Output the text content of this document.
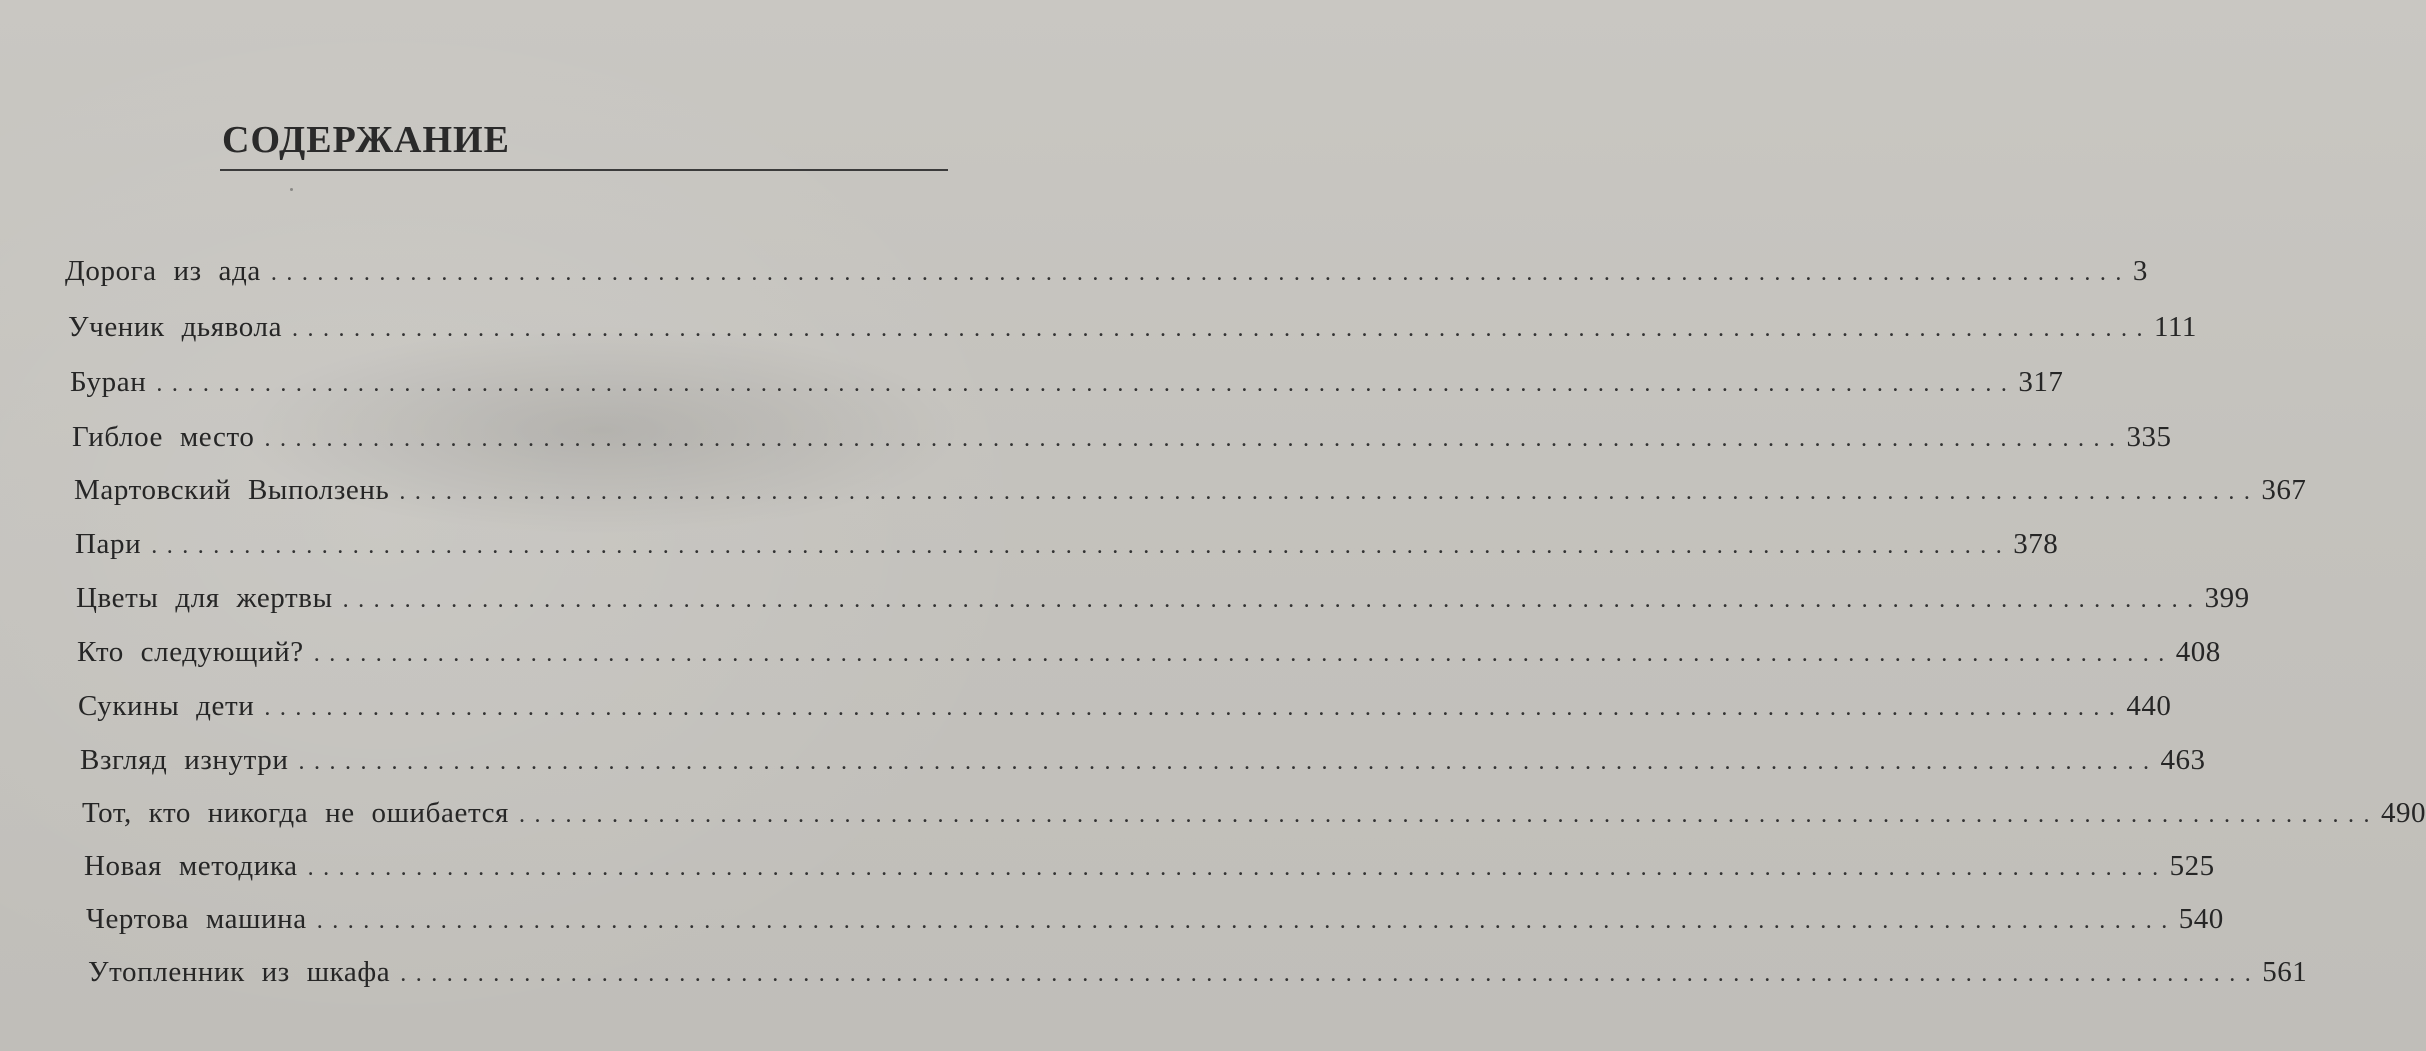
СОДЕРЖАНИЕ
Дорога из ада ........................................................................................................................ 3
Ученик дьявола ........................................................................................................................ 111
Буран ........................................................................................................................ 317
Гиблое место ........................................................................................................................ 335
Мартовский Выползень ........................................................................................................................ 367
Пари ........................................................................................................................ 378
Цветы для жертвы ........................................................................................................................ 399
Кто следующий? ........................................................................................................................ 408
Сукины дети ........................................................................................................................ 440
Взгляд изнутри ........................................................................................................................ 463
Тот, кто никогда не ошибается ........................................................................................................................ 490
Новая методика ........................................................................................................................ 525
Чертова машина ........................................................................................................................ 540
Утопленник из шкафа ........................................................................................................................ 561
